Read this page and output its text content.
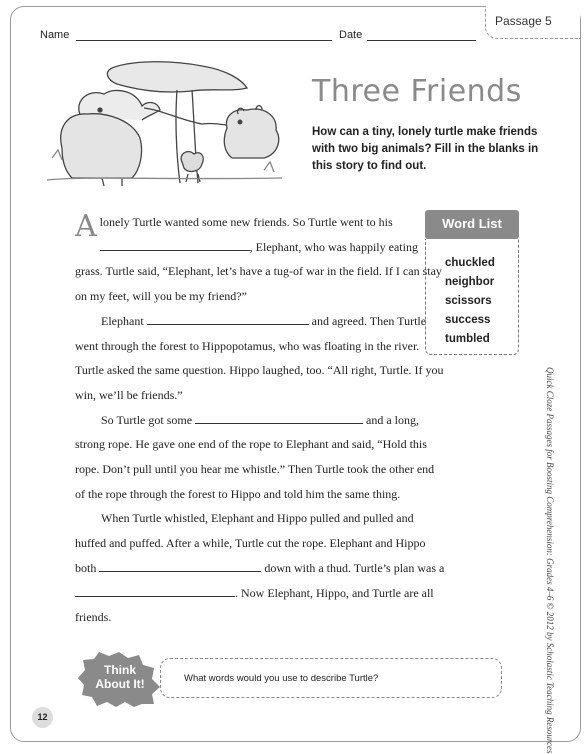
Passage 5
Name	Date
Three Friends
How can a tiny, lonely turtle make friends with two big animals? Fill in the blanks in this story to find out.

A lonely Turtle wanted some new friends. So Turtle went to his , Elephant, who was happily eating grass. Turtle said, “Elephant, let’s have a tug-of war in the field. If I can stay on my feet, will you be my friend?”

Elephant	and agreed. Then Turtle went through the forest to Hippopotamus, who was floating in the river. Turtle asked the same question. Hippo laughed, too. “All right, Turtle. If you win, we’ll be friends.”

So Turtle got some	and a long, strong rope. He gave one end of the rope to Elephant and said, “Hold this rope. Don’t pull until you hear me whistle.” Then Turtle took the other end of the rope through the forest to Hippo and told him the same thing.

When Turtle whistled, Elephant and Hippo pulled and pulled and huffed and puffed. After a while, Turtle cut the rope. Elephant and Hippo both	down with a thud. Turtle’s plan was a . Now Elephant, Hippo, and Turtle are all friends.

Word List
chuckled
neighbor
scissors
success
tumbled
Quick Cloze Passages for Boosting Comprehension: Grades 4–6 © 2012 by Scholastic Teaching Resources
Think About It!	What words would you use to describe Turtle?
12
